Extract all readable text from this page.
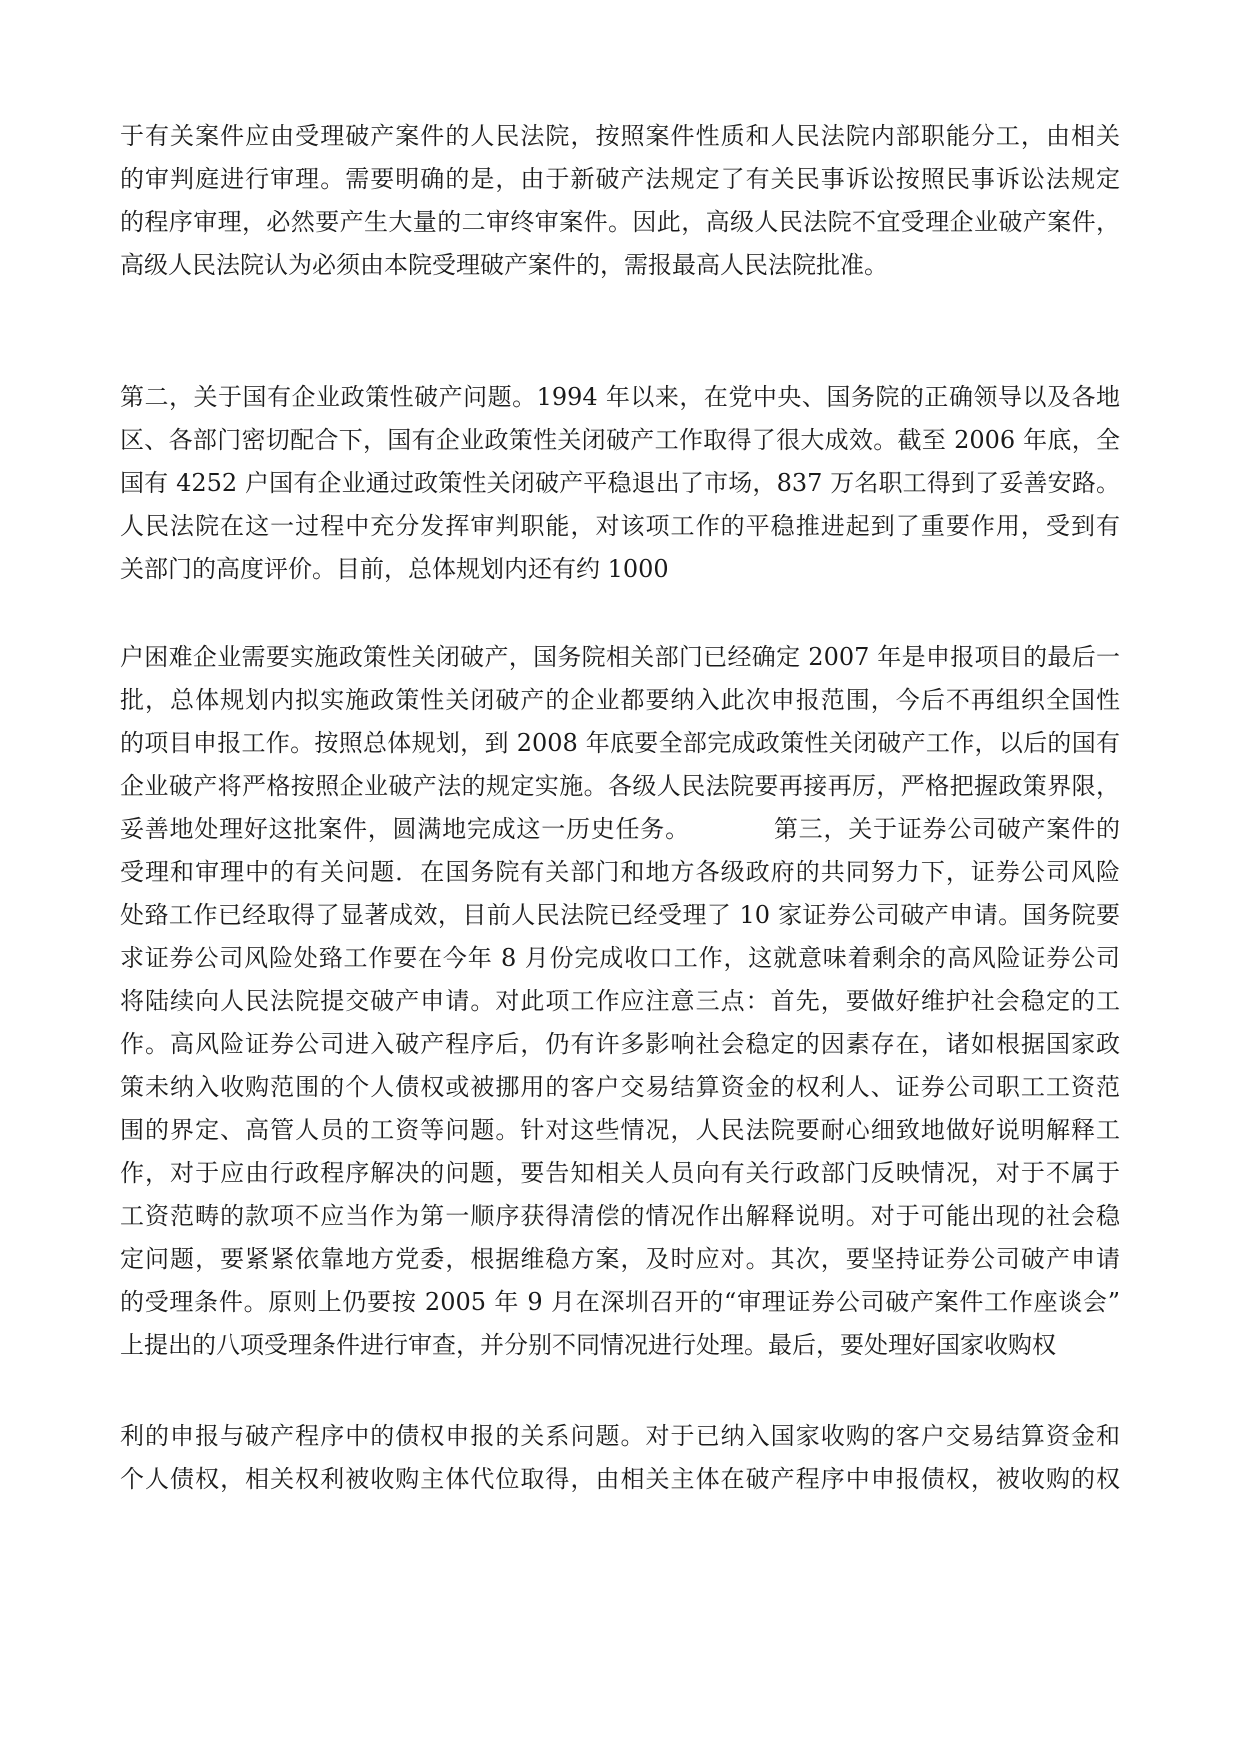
于有关案件应由受理破产案件的人民法院，按照案件性质和人民法院内部职能分工，由相关
的审判庭进行审理。需要明确的是，由于新破产法规定了有关民事诉讼按照民事诉讼法规定
的程序审理，必然要产生大量的二审终审案件。因此，高级人民法院不宜受理企业破产案件，
高级人民法院认为必须由本院受理破产案件的，需报最高人民法院批准。
第二，关于国有企业政策性破产问题。1994 年以来，在党中央、国务院的正确领导以及各地
区、各部门密切配合下，国有企业政策性关闭破产工作取得了很大成效。截至 2006 年底，全
国有 4252 户国有企业通过政策性关闭破产平稳退出了市场，837 万名职工得到了妥善安路。
人民法院在这一过程中充分发挥审判职能，对该项工作的平稳推进起到了重要作用，受到有
关部门的高度评价。目前，总体规划内还有约 1000
户困难企业需要实施政策性关闭破产，国务院相关部门已经确定 2007 年是申报项目的最后一
批，总体规划内拟实施政策性关闭破产的企业都要纳入此次申报范围，今后不再组织全国性
的项目申报工作。按照总体规划，到 2008 年底要全部完成政策性关闭破产工作，以后的国有
企业破产将严格按照企业破产法的规定实施。各级人民法院要再接再厉，严格把握政策界限，
妥善地处理好这批案件，圆满地完成这一历史任务。          第三，关于证券公司破产案件的
受理和审理中的有关问题．在国务院有关部门和地方各级政府的共同努力下，证券公司风险
处臵工作已经取得了显著成效，目前人民法院已经受理了 10 家证券公司破产申请。国务院要
求证券公司风险处臵工作要在今年 8 月份完成收口工作，这就意味着剩余的高风险证券公司
将陆续向人民法院提交破产申请。对此项工作应注意三点：首先，要做好维护社会稳定的工
作。高风险证券公司进入破产程序后，仍有许多影响社会稳定的因素存在，诸如根据国家政
策未纳入收购范围的个人债权或被挪用的客户交易结算资金的权利人、证券公司职工工资范
围的界定、高管人员的工资等问题。针对这些情况，人民法院要耐心细致地做好说明解释工
作，对于应由行政程序解决的问题，要告知相关人员向有关行政部门反映情况，对于不属于
工资范畴的款项不应当作为第一顺序获得清偿的情况作出解释说明。对于可能出现的社会稳
定问题，要紧紧依靠地方党委，根据维稳方案，及时应对。其次，要坚持证券公司破产申请
的受理条件。原则上仍要按 2005 年 9 月在深圳召开的“审理证券公司破产案件工作座谈会”
上提出的八项受理条件进行审查，并分别不同情况进行处理。最后，要处理好国家收购权
利的申报与破产程序中的债权申报的关系问题。对于已纳入国家收购的客户交易结算资金和
个人债权，相关权利被收购主体代位取得，由相关主体在破产程序中申报债权，被收购的权
